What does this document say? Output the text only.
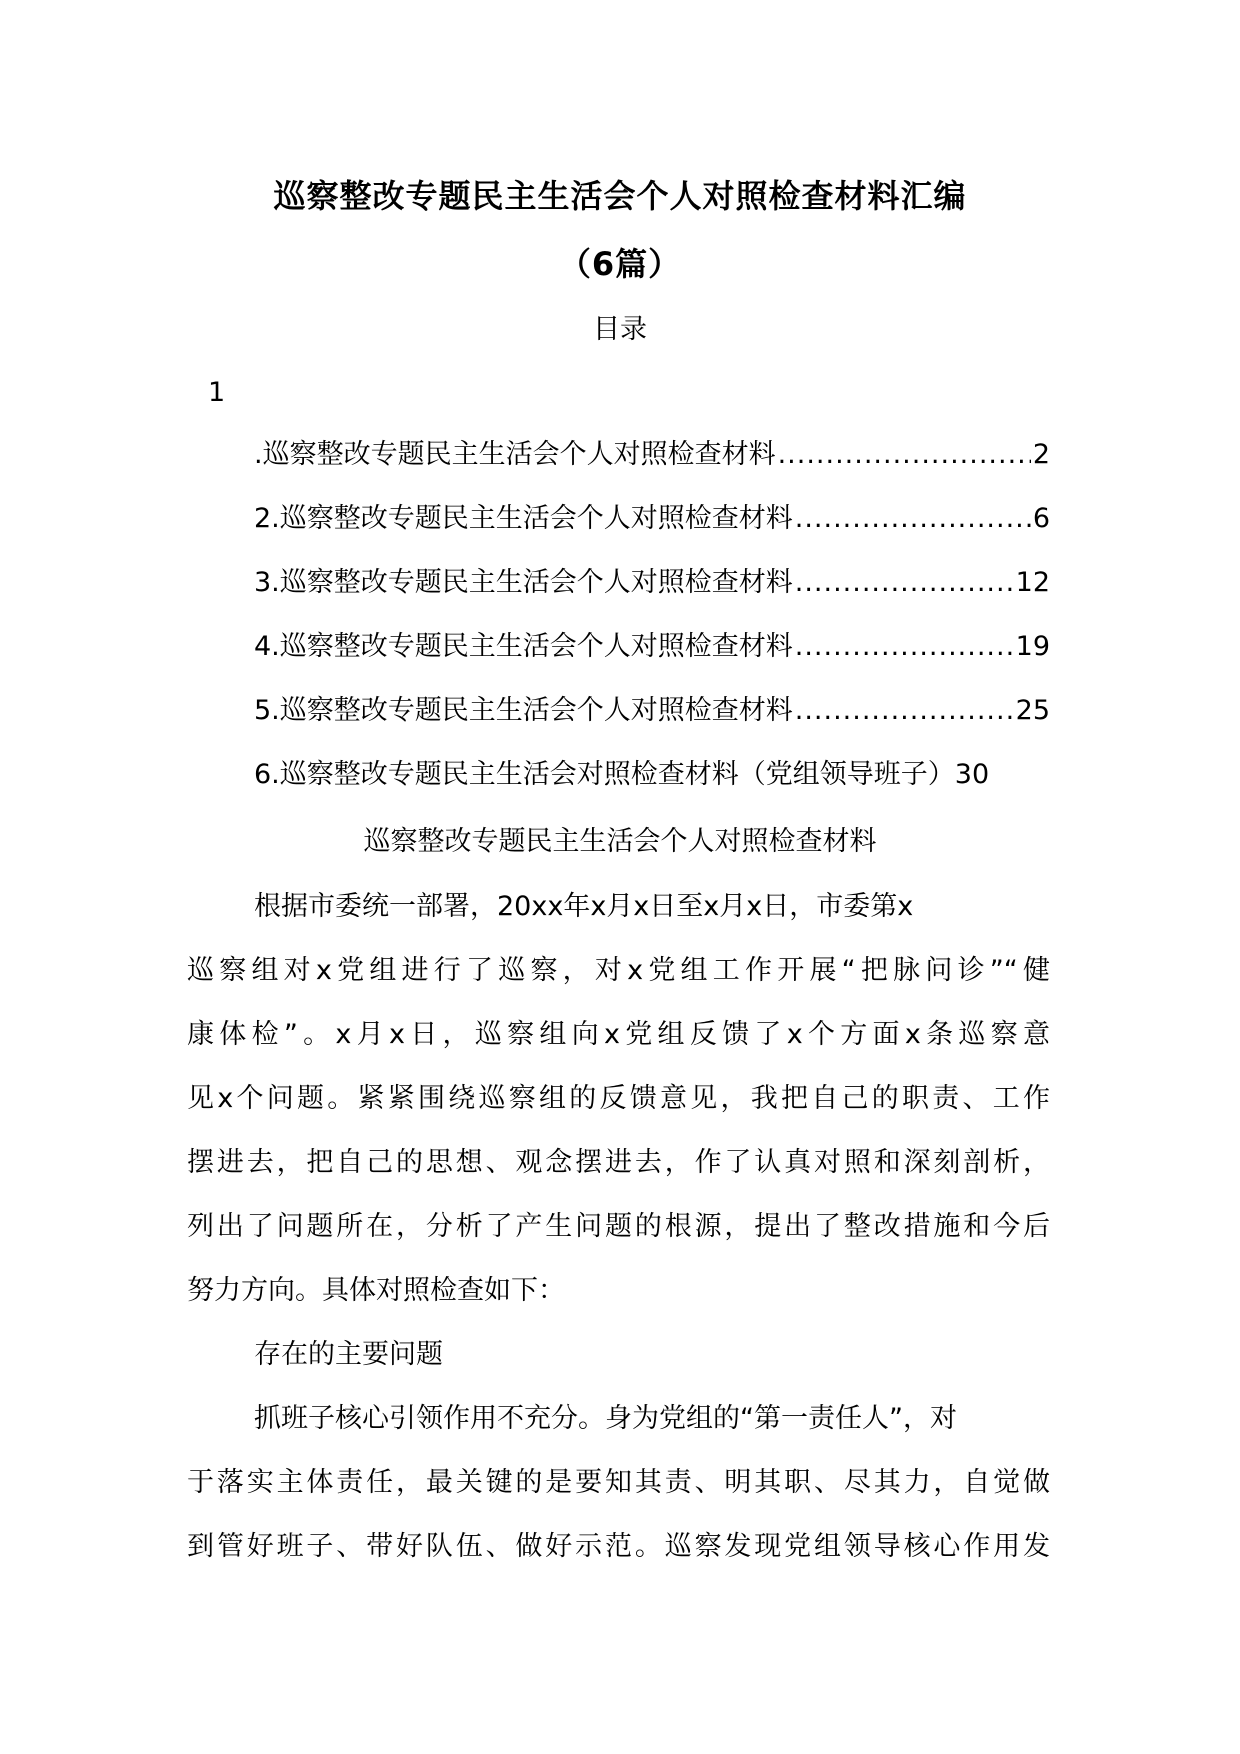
巡察整改专题民主生活会个人对照检查材料汇编
（6篇）
目录
1
.巡察整改专题民主生活会个人对照检查材料 .....	2
2.巡察整改专题民主生活会个人对照检查材料 .....	6
3.巡察整改专题民主生活会个人对照检查材料 .....	12
4.巡察整改专题民主生活会个人对照检查材料 .....	19
5.巡察整改专题民主生活会个人对照检查材料 .....	25
6.巡察整改专题民主生活会对照检查材料（党组领导班子）30
巡察整改专题民主生活会个人对照检查材料
根据市委统一部署，20xx年x月x日至x月x日，市委第x
巡察组对x党组进行了巡察，对x党组工作开展“把脉问诊”“健
康体检”。x月x日，巡察组向x党组反馈了x个方面x条巡察意
见x个问题。紧紧围绕巡察组的反馈意见，我把自己的职责、工作
摆进去，把自己的思想、观念摆进去，作了认真对照和深刻剖析，
列出了问题所在，分析了产生问题的根源，提出了整改措施和今后
努力方向。具体对照检查如下：
存在的主要问题
抓班子核心引领作用不充分。身为党组的“第一责任人”，对
于落实主体责任，最关键的是要知其责、明其职、尽其力，自觉做
到管好班子、带好队伍、做好示范。巡察发现党组领导核心作用发
